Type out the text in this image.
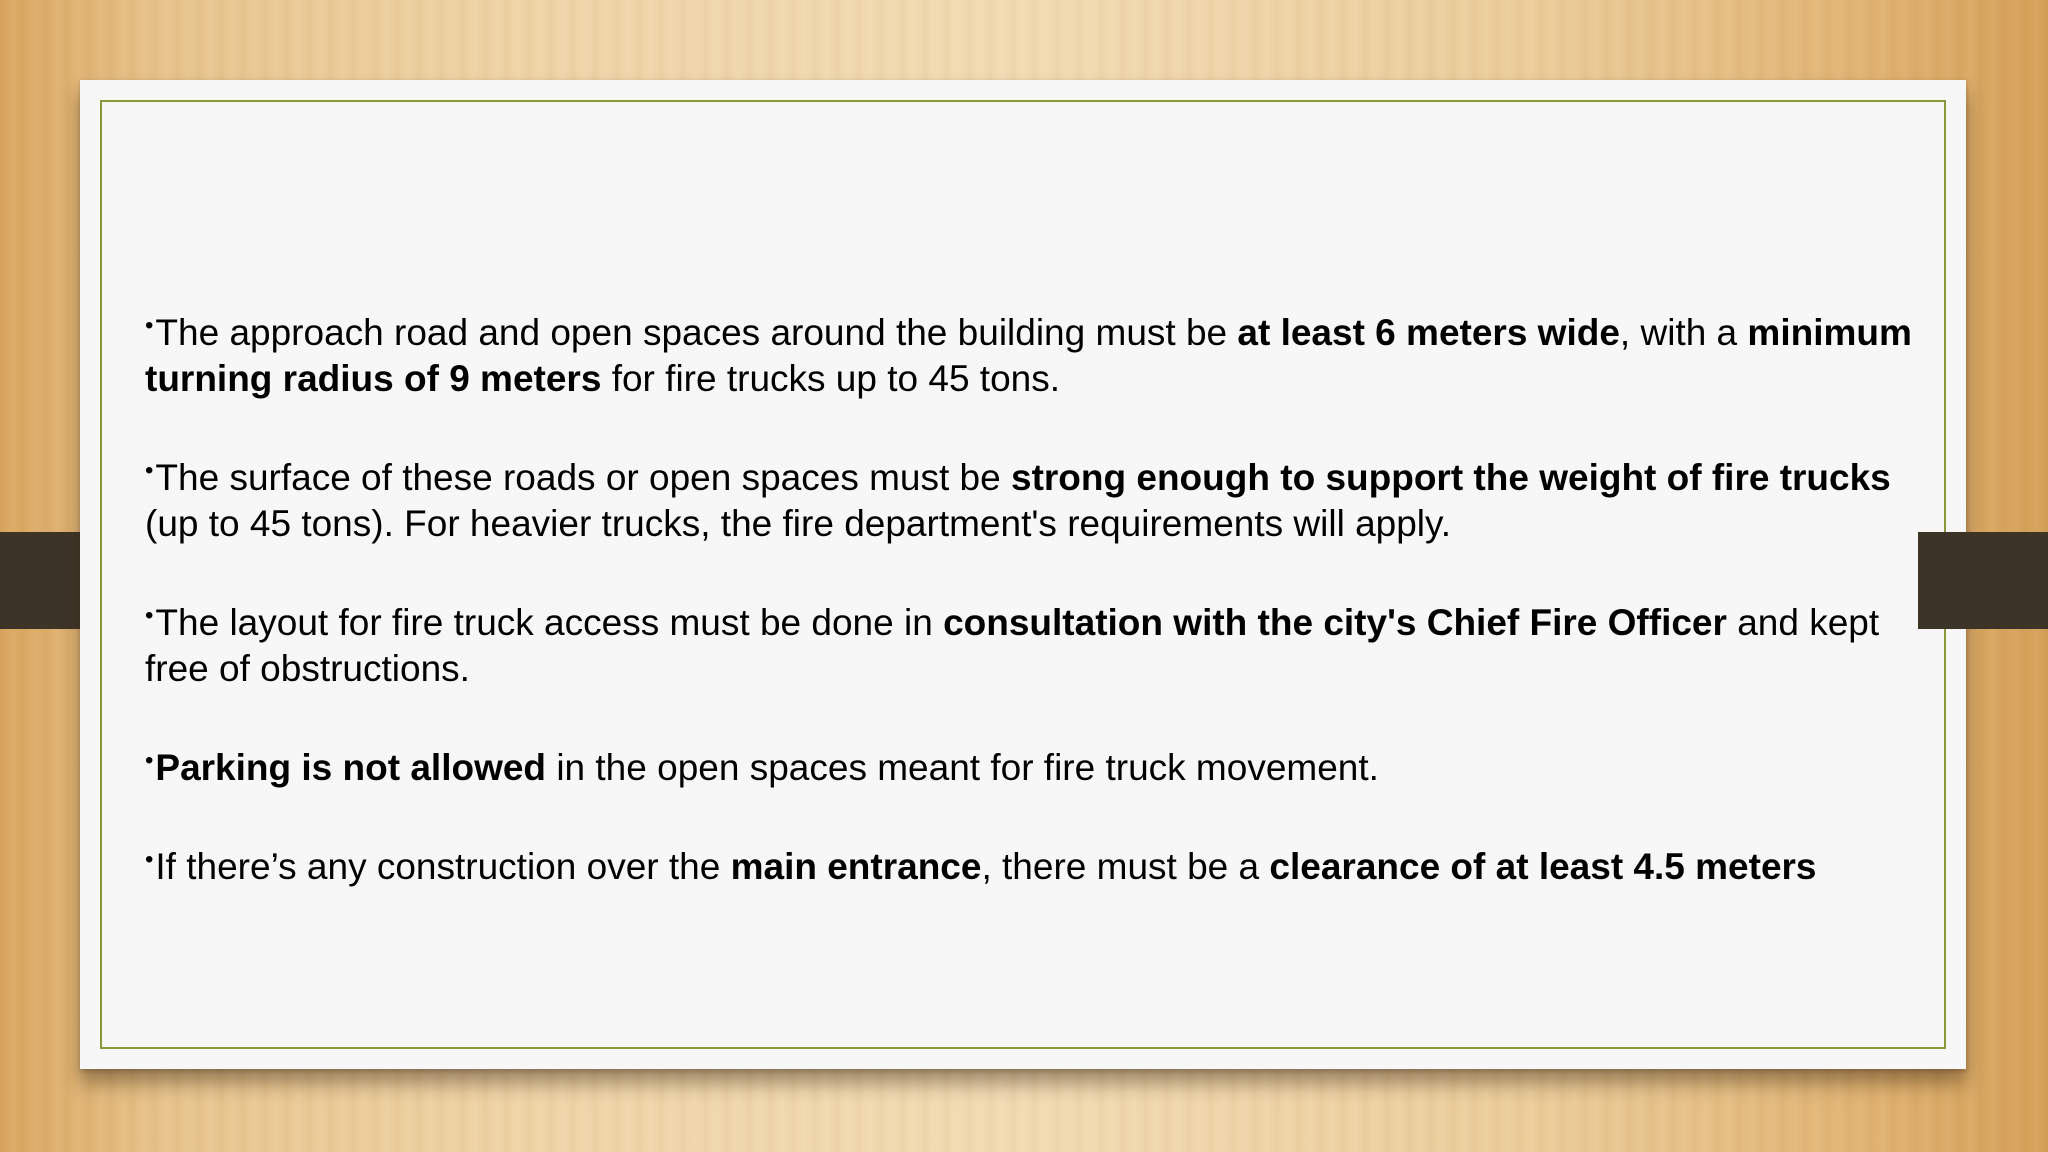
•The approach road and open spaces around the building must be at least 6 meters wide, with a minimum
turning radius of 9 meters for fire trucks up to 45 tons.
•The surface of these roads or open spaces must be strong enough to support the weight of fire trucks
(up to 45 tons). For heavier trucks, the fire department's requirements will apply.
•The layout for fire truck access must be done in consultation with the city's Chief Fire Officer and kept
free of obstructions.
•Parking is not allowed in the open spaces meant for fire truck movement.
•If there’s any construction over the main entrance, there must be a clearance of at least 4.5 meters
